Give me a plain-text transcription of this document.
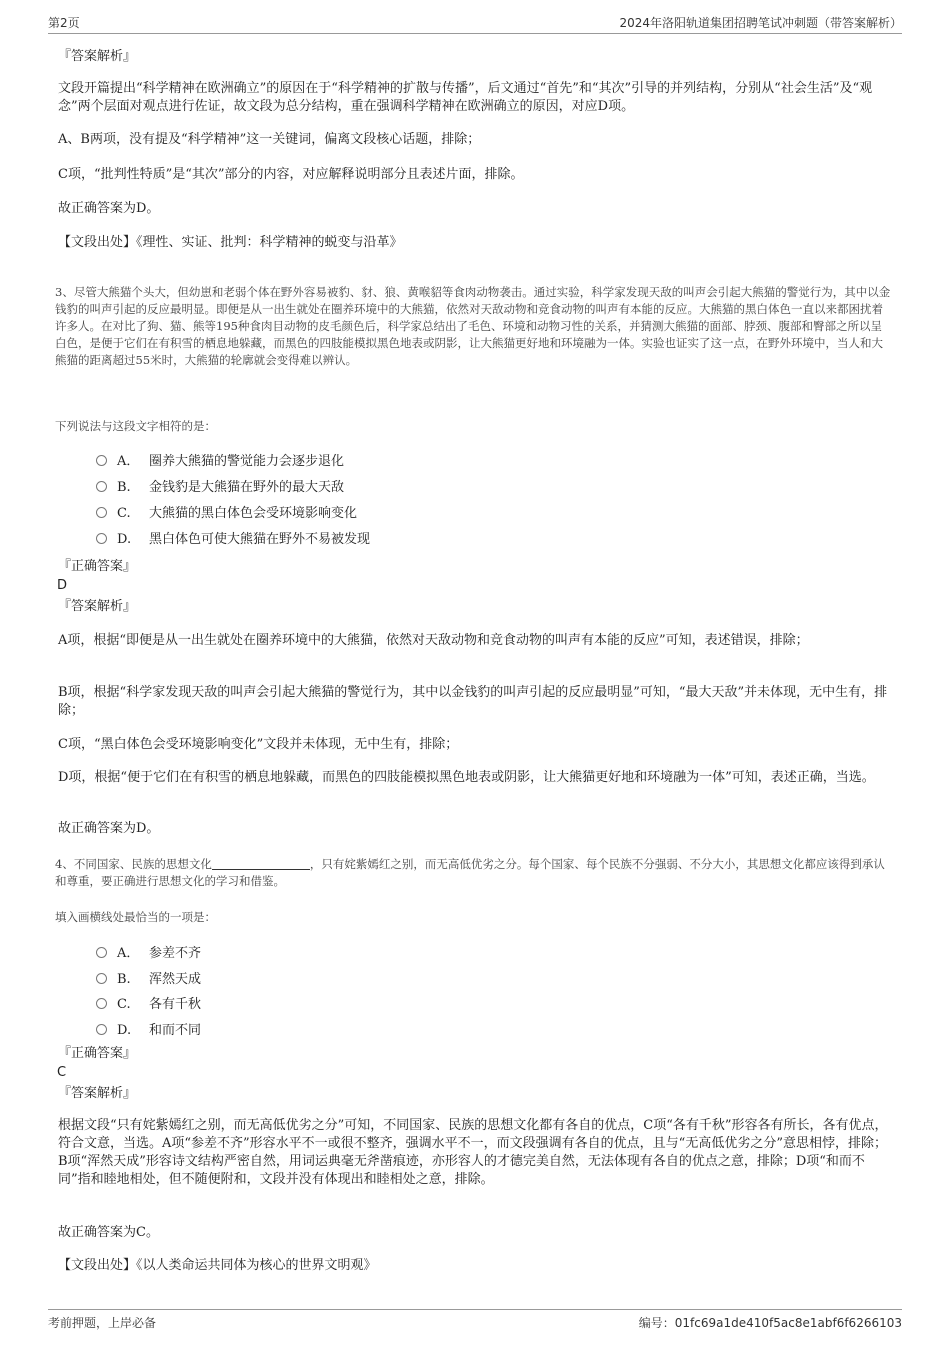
第2页	2024年洛阳轨道集团招聘笔试冲刺题（带答案解析）
『答案解析』

文段开篇提出“科学精神在欧洲确立”的原因在于“科学精神的扩散与传播”，后文通过“首先”和“其次”引导的并列结构，分别从“社会生活”及“观念”两个层面对观点进行佐证，故文段为总分结构，重在强调科学精神在欧洲确立的原因，对应D项。

A、B两项，没有提及“科学精神”这一关键词，偏离文段核心话题，排除；

C项，“批判性特质”是“其次”部分的内容，对应解释说明部分且表述片面，排除。

故正确答案为D。

【文段出处】《理性、实证、批判：科学精神的蜕变与沿革》

3、尽管大熊猫个头大，但幼崽和老弱个体在野外容易被豹、豺、狼、黄喉貂等食肉动物袭击。通过实验，科学家发现天敌的叫声会引起大熊猫的警觉行为，其中以金钱豹的叫声引起的反应最明显。即便是从一出生就处在圈养环境中的大熊猫，依然对天敌动物和竞食动物的叫声有本能的反应。大熊猫的黑白体色一直以来都困扰着许多人。在对比了狗、猫、熊等195种食肉目动物的皮毛颜色后，科学家总结出了毛色、环境和动物习性的关系，并猜测大熊猫的面部、脖颈、腹部和臀部之所以呈白色，是便于它们在有积雪的栖息地躲藏，而黑色的四肢能模拟黑色地表或阴影，让大熊猫更好地和环境融为一体。实验也证实了这一点，在野外环境中，当人和大熊猫的距离超过55米时，大熊猫的轮廓就会变得难以辨认。

下列说法与这段文字相符的是：

A． 圈养大熊猫的警觉能力会逐步退化
B. 金钱豹是大熊猫在野外的最大天敌
C. 大熊猫的黑白体色会受环境影响变化
D. 黑白体色可使大熊猫在野外不易被发现
『正确答案』
D
『答案解析』

A项，根据“即便是从一出生就处在圈养环境中的大熊猫，依然对天敌动物和竞食动物的叫声有本能的反应”可知，表述错误，排除；

B项，根据“科学家发现天敌的叫声会引起大熊猫的警觉行为，其中以金钱豹的叫声引起的反应最明显”可知，“最大天敌”并未体现，无中生有，排除；

C项，“黑白体色会受环境影响变化”文段并未体现，无中生有，排除；

D项，根据“便于它们在有积雪的栖息地躲藏，而黑色的四肢能模拟黑色地表或阴影，让大熊猫更好地和环境融为一体”可知，表述正确，当选。

故正确答案为D。

4、不同国家、民族的思想文化	，只有姹紫嫣红之别，而无高低优劣之分。每个国家、每个民族不分强弱、不分大小，其思想文化都应该得到承认和尊重，要正确进行思想文化的学习和借鉴。

填入画横线处最恰当的一项是：

A． 参差不齐
B. 浑然天成
C. 各有千秋
D. 和而不同
『正确答案』
C
『答案解析』

根据文段“只有姹紫嫣红之别，而无高低优劣之分”可知，不同国家、民族的思想文化都有各自的优点，C项“各有千秋”形容各有所长，各有优点，符合文意，当选。A项“参差不齐”形容水平不一或很不整齐，强调水平不一，而文段强调有各自的优点，且与“无高低优劣之分”意思相悖，排除；B项“浑然天成”形容诗文结构严密自然，用词运典毫无斧凿痕迹，亦形容人的才德完美自然，无法体现有各自的优点之意，排除；D项“和而不同”指和睦地相处，但不随便附和，文段并没有体现出和睦相处之意，排除。

故正确答案为C。

【文段出处】《以人类命运共同体为核心的世界文明观》

考前押题，上岸必备	编号：01fc69a1de410f5ac8e1abf6f6266103
